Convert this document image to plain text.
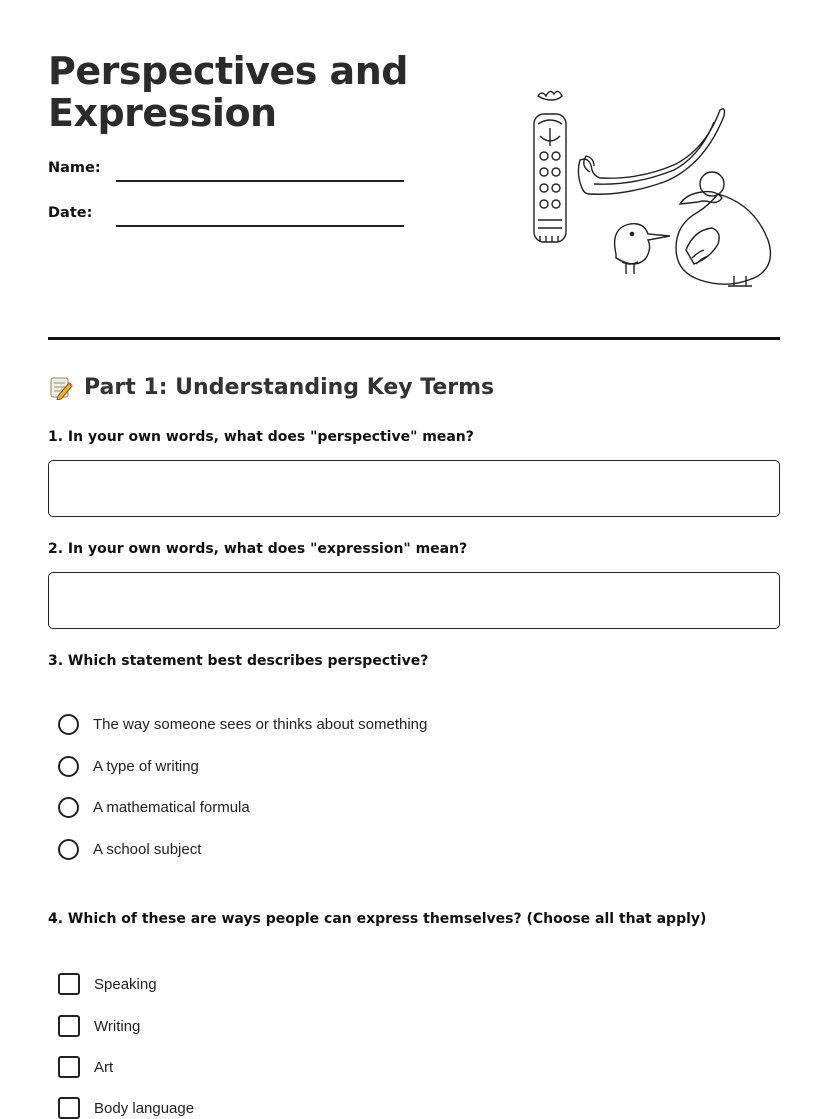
Perspectives and Expression
Name:
Date:
Part 1: Understanding Key Terms
1. In your own words, what does "perspective" mean?
2. In your own words, what does "expression" mean?
3. Which statement best describes perspective?
The way someone sees or thinks about something
A type of writing
A mathematical formula
A school subject
4. Which of these are ways people can express themselves? (Choose all that apply)
Speaking
Writing
Art
Body language
